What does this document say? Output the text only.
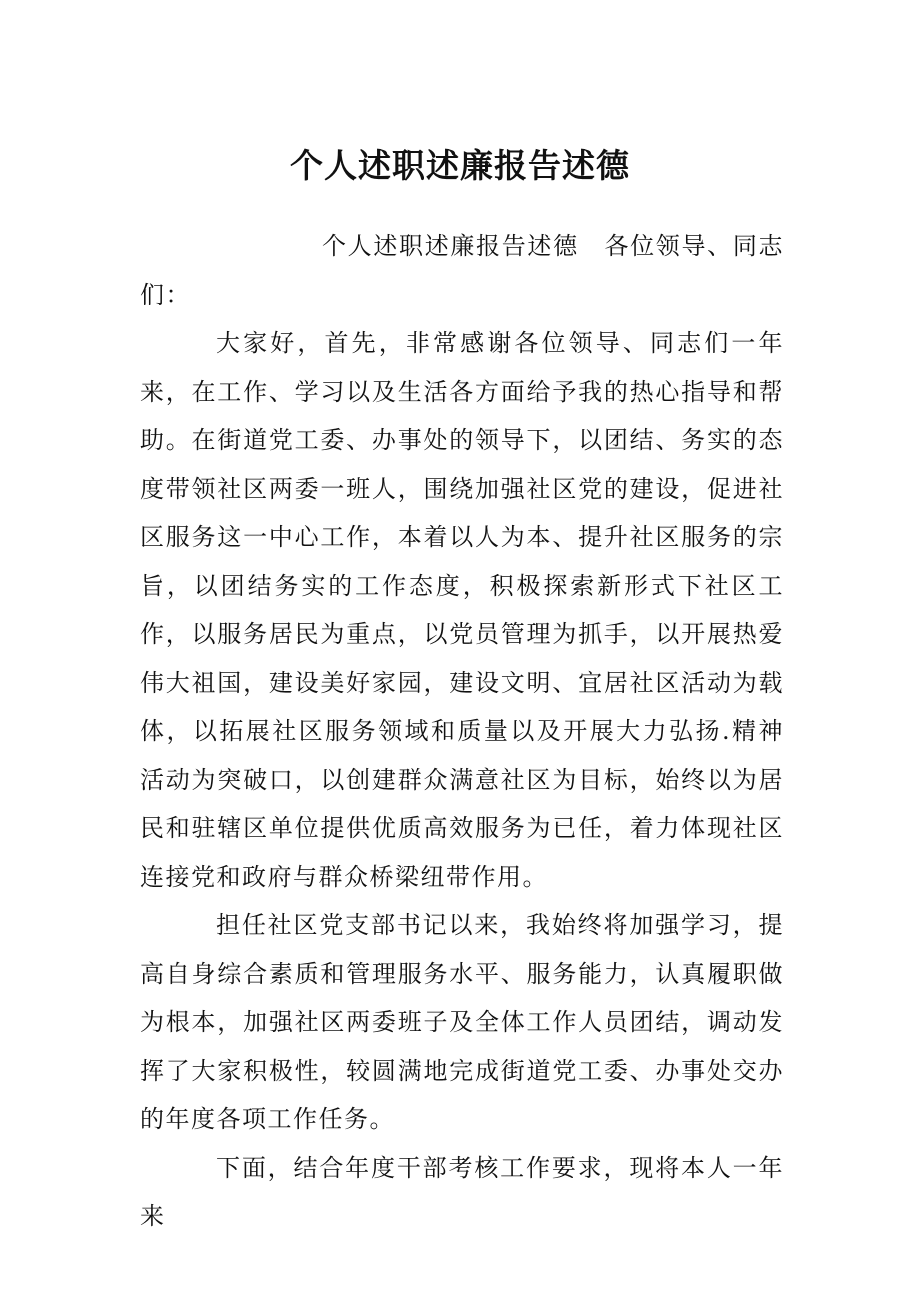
个人述职述廉报告述德

个人述职述廉报告述德　各位领导、同志们：

大家好，首先，非常感谢各位领导、同志们一年来，在工作、学习以及生活各方面给予我的热心指导和帮助。在街道党工委、办事处的领导下，以团结、务实的态度带领社区两委一班人，围绕加强社区党的建设，促进社区服务这一中心工作，本着以人为本、提升社区服务的宗旨，以团结务实的工作态度，积极探索新形式下社区工作，以服务居民为重点，以党员管理为抓手，以开展热爱伟大祖国，建设美好家园，建设文明、宜居社区活动为载体，以拓展社区服务领域和质量以及开展大力弘扬.精神活动为突破口，以创建群众满意社区为目标，始终以为居民和驻辖区单位提供优质高效服务为已任，着力体现社区连接党和政府与群众桥梁纽带作用。

担任社区党支部书记以来，我始终将加强学习，提高自身综合素质和管理服务水平、服务能力，认真履职做为根本，加强社区两委班子及全体工作人员团结，调动发挥了大家积极性，较圆满地完成街道党工委、办事处交办的年度各项工作任务。

下面，结合年度干部考核工作要求，现将本人一年来
